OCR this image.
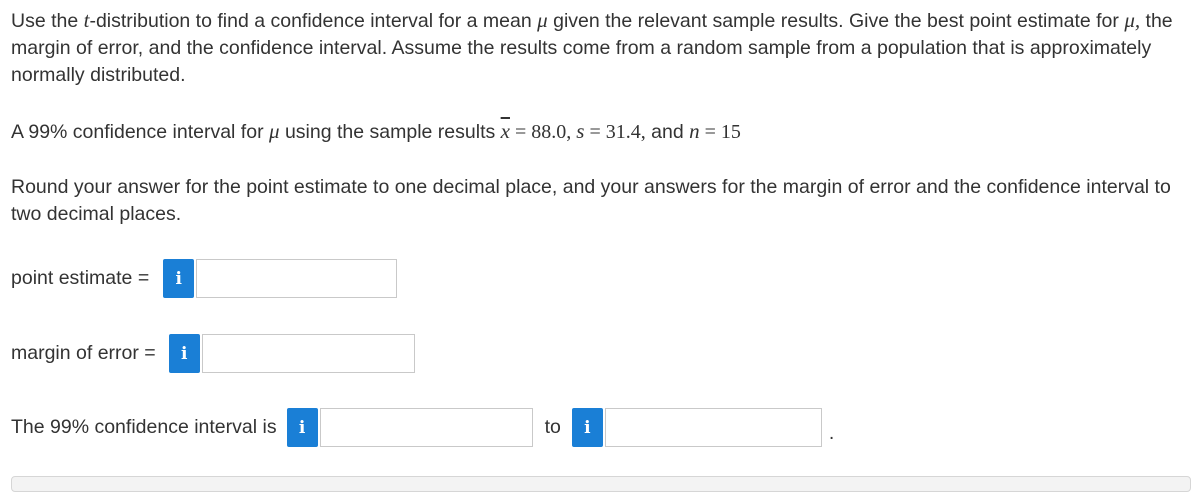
Use the t-distribution to find a confidence interval for a mean μ given the relevant sample results. Give the best point estimate for μ, the margin of error, and the confidence interval. Assume the results come from a random sample from a population that is approximately normally distributed.

A 99% confidence interval for μ using the sample results $\overline{x} = 88.0$, s = 31.4, and n = 15

Round your answer for the point estimate to one decimal place, and your answers for the margin of error and the confidence interval to two decimal places.

point estimate =	i
margin of error =	i
The 99% confidence interval is	i	to	i	.
